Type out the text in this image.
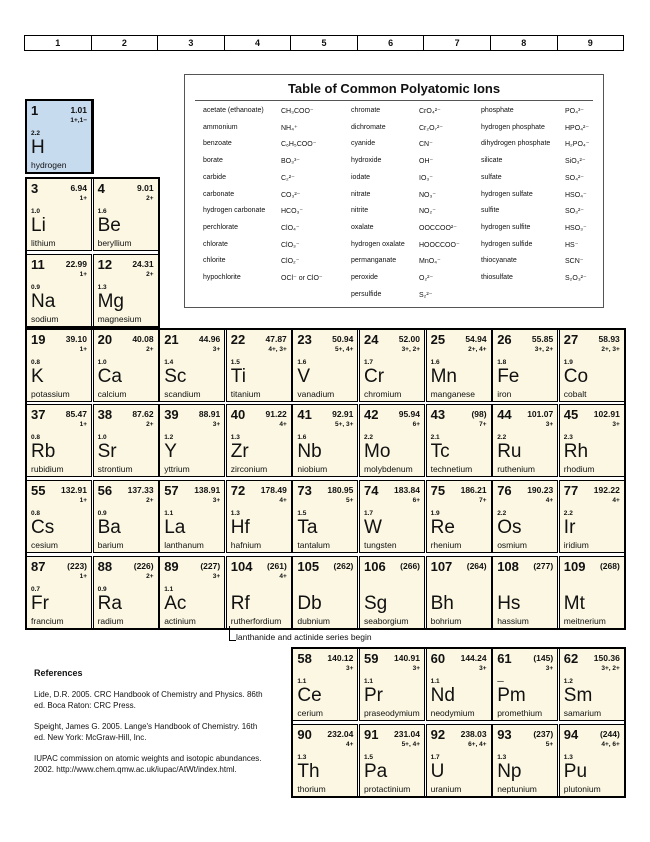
1	2	3	4	5	6	7	8	9
Table of Common Polyatomic Ions
acetate (ethanoate) CH₃COO⁻	chromate	CrO₄²⁻	phosphate	PO₄³⁻
ammonium	NH₄⁺	dichromate	Cr₂O₇²⁻	hydrogen phosphate	HPO₄²⁻
benzoate	C₆H₅COO⁻	cyanide	CN⁻	dihydrogen phosphate H₂PO₄⁻
borate	BO₃³⁻	hydroxide	OH⁻	silicate	SiO₃²⁻
carbide	C₂²⁻	iodate	IO₃⁻	sulfate	SO₄²⁻
carbonate	CO₃²⁻	nitrate	NO₃⁻	hydrogen sulfate	HSO₄⁻
hydrogen carbonate HCO₃⁻	nitrite	NO₂⁻	sulfite	SO₃²⁻
perchlorate	ClO₄⁻	oxalate	OOCCOO²⁻	hydrogen sulfite	HSO₃⁻
chlorate	ClO₃⁻	hydrogen oxalate HOOCCOO⁻	hydrogen sulfide	HS⁻
chlorite	ClO₂⁻	permanganate	MnO₄⁻	thiocyanate	SCN⁻
hypochlorite	OCl⁻ or ClO⁻	peroxide	O₂²⁻	thiosulfate	S₂O₃²⁻
persulfide	S₂²⁻
1	1.01
1+,1−
2.2
H
hydrogen
3	6.94
1+
1.0
Li
lithium
4	9.01
2+
1.6
Be
beryllium
11 22.99
1+
0.9
Na
sodium
12 24.31
2+
1.3
Mg
magnesium
19 39.10
1+
0.8
K
potassium
20 40.08
2+
1.0
Ca
calcium
21 44.96
3+
1.4
Sc
scandium
22 47.87
4+, 3+
1.5
Ti
titanium
23 50.94
5+, 4+
1.6
V
vanadium
24 52.00
3+, 2+
1.7
Cr
chromium
25 54.94
2+, 4+
1.6
Mn
manganese
26 55.85
3+, 2+
1.8
Fe
iron
27 58.93
2+, 3+
1.9
Co
cobalt
37 85.47
1+
0.8
Rb
rubidium
38 87.62
2+
1.0
Sr
strontium
39 88.91
3+
1.2
Y
yttrium
40 91.22
4+
1.3
Zr
zirconium
41 92.91
5+, 3+
1.6
Nb
niobium
42 95.94
6+
2.2
Mo
molybdenum
43	(98)
7+
2.1
Tc
technetium
44 101.07
3+
2.2
Ru
ruthenium
45 102.91
3+
2.3
Rh
rhodium
55 132.91
1+
0.8
Cs
cesium
56 137.33
2+
0.9
Ba
barium
57 138.91
3+
1.1
La
lanthanum
72 178.49
4+
1.3
Hf
hafnium
73 180.95
5+
1.5
Ta
tantalum
74 183.84
6+
1.7
W
tungsten
75 186.21
7+
1.9
Re
rhenium
76 190.23
4+
2.2
Os
osmium
77 192.22
4+
2.2
Ir
iridium
87	(223)
1+
0.7
Fr
francium
88	(226)
2+
0.9
Ra
radium
89	(227)
3+
1.1
Ac
actinium
104 (261)
4+
Rf
rutherfordium
105 (262)
Db
dubnium
106 (266)
Sg
seaborgium
107 (264)
Bh
bohrium
108 (277)
Hs
hassium
109 (268)
Mt
meitnerium
58 140.12
3+
1.1
Ce
cerium
59 140.91
3+
1.1
Pr
praseodymium
60 144.24
3+
1.1
Nd
neodymium
61	(145)
3+
—
Pm
promethium
62 150.36
3+, 2+
1.2
Sm
samarium
90 232.04
4+
1.3
Th
thorium
91 231.04
5+, 4+
1.5
Pa
protactinium
92 238.03
6+, 4+
1.7
U
uranium
93	(237)
5+
1.3
Np
neptunium
94	(244)
4+, 6+
1.3
Pu
plutonium
lanthanide and actinide series begin
References

Lide, D.R. 2005. CRC Handbook of Chemistry and Physics. 86th ed. Boca Raton: CRC Press.

Speight, James G. 2005. Lange's Handbook of Chemistry. 16th ed. New York: McGraw-Hill, Inc.

IUPAC commission on atomic weights and isotopic abundances. 2002. http://www.chem.qmw.ac.uk/iupac/AtWt/index.html.
